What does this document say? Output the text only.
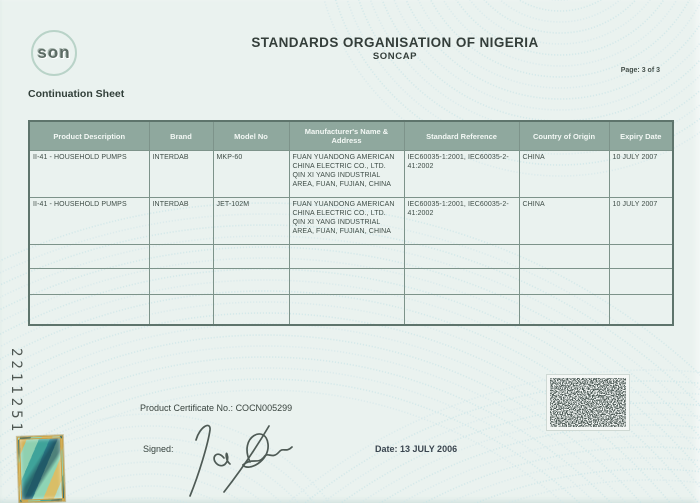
son
STANDARDS ORGANISATION OF NIGERIA
SONCAP
Page: 3 of 3
Continuation Sheet
Product Description	Brand	Model No	Manufacturer's Name & Address	Standard Reference	Country of Origin	Expiry Date
II-41 - HOUSEHOLD PUMPS	INTERDAB	MKP-60	FUAN YUANDONG AMERICAN CHINA ELECTRIC CO., LTD. QIN XI YANG INDUSTRIAL AREA, FUAN, FUJIAN, CHINA	IEC60035-1:2001, IEC60035-2-41:2002	CHINA	10 JULY 2007
II-41 - HOUSEHOLD PUMPS	INTERDAB	JET-102M	FUAN YUANDONG AMERICAN CHINA ELECTRIC CO., LTD. QIN XI YANG INDUSTRIAL AREA, FUAN, FUJIAN, CHINA	IEC60035-1:2001, IEC60035-2-41:2002	CHINA	10 JULY 2007

Product Certificate No.: COCN005299
Signed:	Date: 13 JULY 2006
2211251
